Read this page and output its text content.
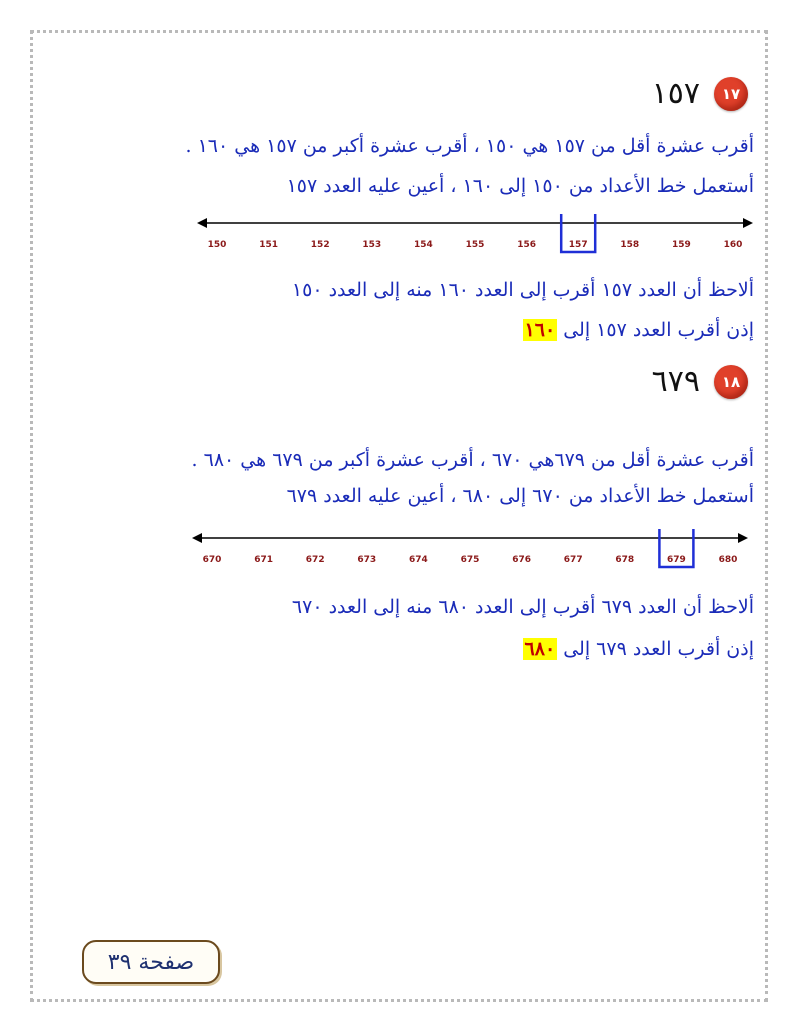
١٧
١٥٧
أقرب عشرة أقل من ١٥٧ هي ١٥٠ ، أقرب عشرة أكبر من ١٥٧ هي ١٦٠ .
أستعمل خط الأعداد من ١٥٠ إلى ١٦٠ ، أعين عليه العدد ١٥٧
150	151	152	153	154	155	156	157	158	159	160
ألاحظ أن العدد ١٥٧ أقرب إلى العدد ١٦٠ منه إلى العدد ١٥٠
إذن أقرب العدد ١٥٧ إلى ١٦٠
١٨
٦٧٩
أقرب عشرة أقل من ٦٧٩هي ٦٧٠ ، أقرب عشرة أكبر من ٦٧٩ هي ٦٨٠ .
أستعمل خط الأعداد من ٦٧٠ إلى ٦٨٠ ، أعين عليه العدد ٦٧٩
670	671	672	673	674	675	676	677	678	679	680
ألاحظ أن العدد ٦٧٩ أقرب إلى العدد ٦٨٠ منه إلى العدد ٦٧٠
إذن أقرب العدد ٦٧٩ إلى ٦٨٠
صفحة ٣٩
